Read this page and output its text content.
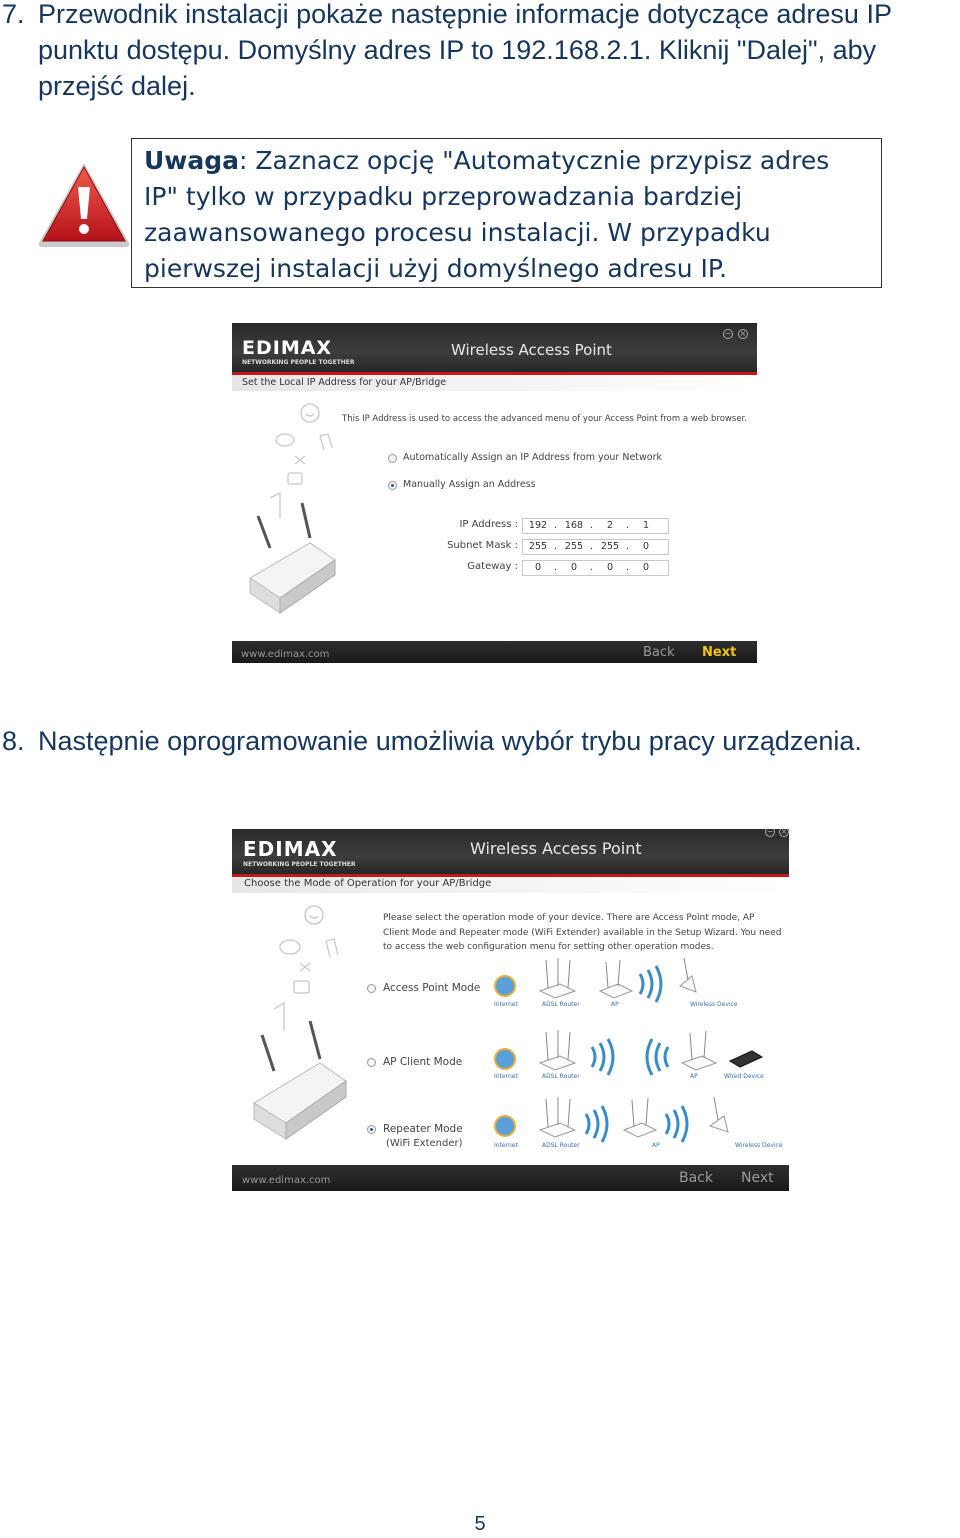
7. Przewodnik instalacji pokaże następnie informacje dotyczące adresu IP punktu dostępu. Domyślny adres IP to 192.168.2.1. Kliknij "Dalej", aby przejść dalej.
Uwaga: Zaznacz opcję "Automatycznie przypisz adres IP" tylko w przypadku przeprowadzania bardziej zaawansowanego procesu instalacji. W przypadku pierwszej instalacji użyj domyślnego adresu IP.
EDIMAX
NETWORKING PEOPLE TOGETHER
Wireless Access Point
− ×
Set the Local IP Address for your AP/Bridge
This IP Address is used to access the advanced menu of your Access Point from a web browser.
Automatically Assign an IP Address from your Network
Manually Assign an Address
IP Address :	192 . 168 .	2	.	1
Subnet Mask :	255 . 255 . 255 .	0
Gateway :	0	.	0	.	0	.	0
www.edimax.com	Back Next
8. Następnie oprogramowanie umożliwia wybór trybu pracy urządzenia.
EDIMAX
NETWORKING PEOPLE TOGETHER
Wireless Access Point
− ×
Choose the Mode of Operation for your AP/Bridge
Please select the operation mode of your device. There are Access Point mode, AP Client Mode and Repeater mode (WiFi Extender) available in the Setup Wizard. You need to access the web configuration menu for setting other operation modes.
Access Point Mode
Internet	ADSL Router	AP	Wireless Device
AP Client Mode
Internet	ADSL Router	AP	Wired Device
Repeater Mode
(WiFi Extender)	Internet	ADSL Router	AP	Wireless Device
www.edimax.com	Back Next
5
